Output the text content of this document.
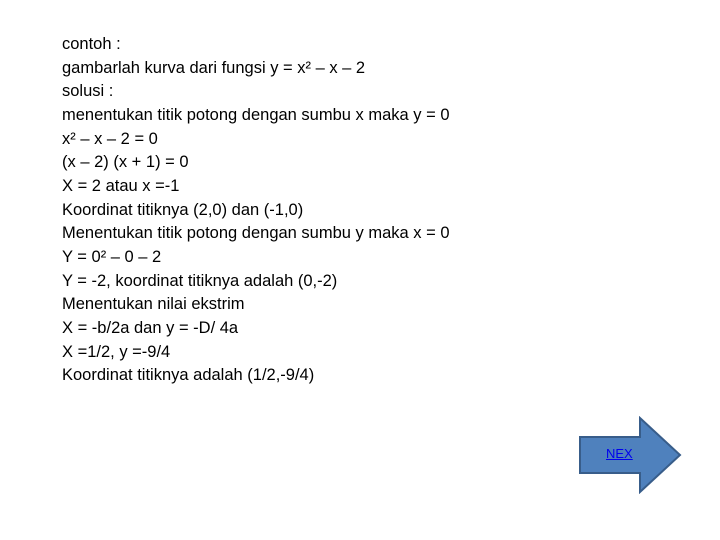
contoh :
gambarlah kurva dari fungsi y = x² – x – 2
solusi :
menentukan titik potong dengan sumbu x maka y = 0
x² – x – 2 = 0
(x – 2) (x + 1) = 0
X = 2 atau x =-1
Koordinat titiknya (2,0) dan (-1,0)
Menentukan titik potong dengan sumbu y maka x = 0
Y = 0² – 0 – 2
Y = -2, koordinat titiknya adalah (0,-2)
Menentukan nilai ekstrim
X = -b/2a dan y = -D/ 4a
X =1/2, y =-9/4
Koordinat titiknya adalah (1/2,-9/4)
NEX
